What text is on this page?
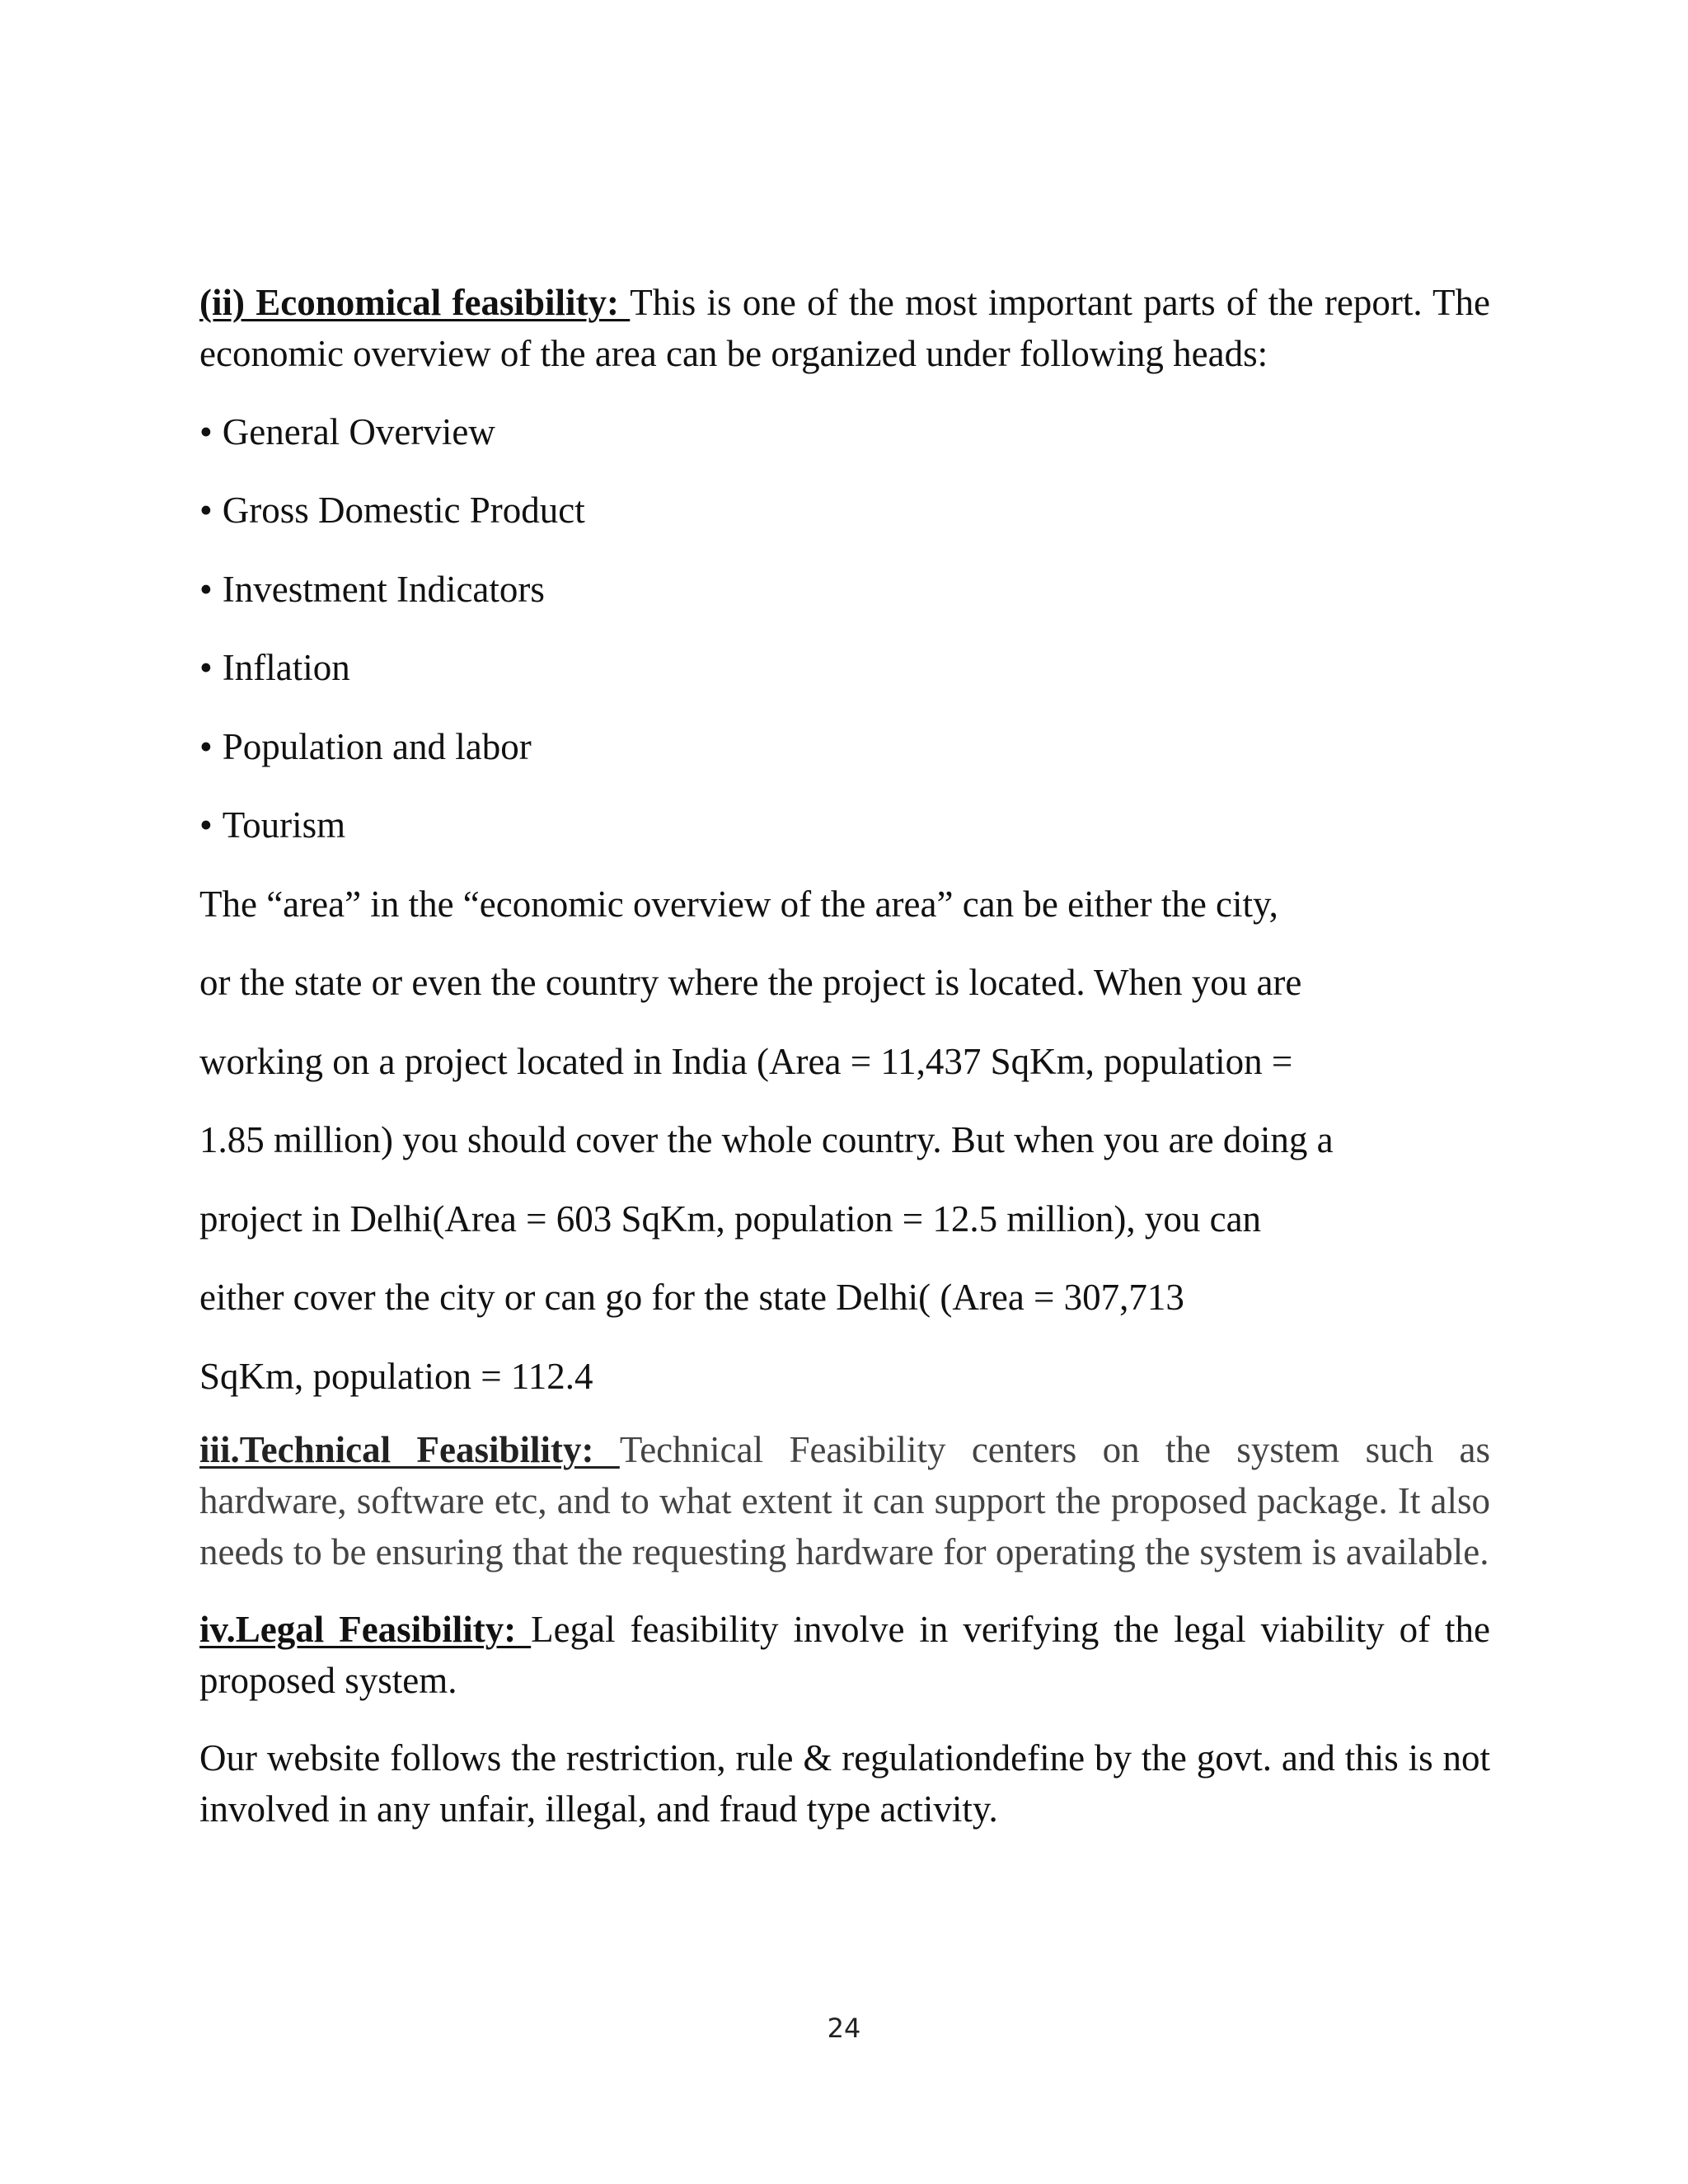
(ii) Economical feasibility: This is one of the most important parts of the report. The economic overview of the area can be organized under following heads:

• General Overview
• Gross Domestic Product
• Investment Indicators
• Inflation
• Population and labor
• Tourism
The “area” in the “economic overview of the area” can be either the city,
or the state or even the country where the project is located. When you are
working on a project located in India (Area = 11,437 SqKm, population =
1.85 million) you should cover the whole country. But when you are doing a
project in Delhi(Area = 603 SqKm, population = 12.5 million), you can
either cover the city or can go for the state Delhi( (Area = 307,713
SqKm, population = 112.4

iii.Technical Feasibility: Technical Feasibility centers on the system such as hardware, software etc, and to what extent it can support the proposed package. It also needs to be ensuring that the requesting hardware for operating the system is available.

iv.Legal Feasibility: Legal feasibility involve in verifying the legal viability of the proposed system.

Our website follows the restriction, rule & regulationdefine by the govt. and this is not involved in any unfair, illegal, and fraud type activity.

24
